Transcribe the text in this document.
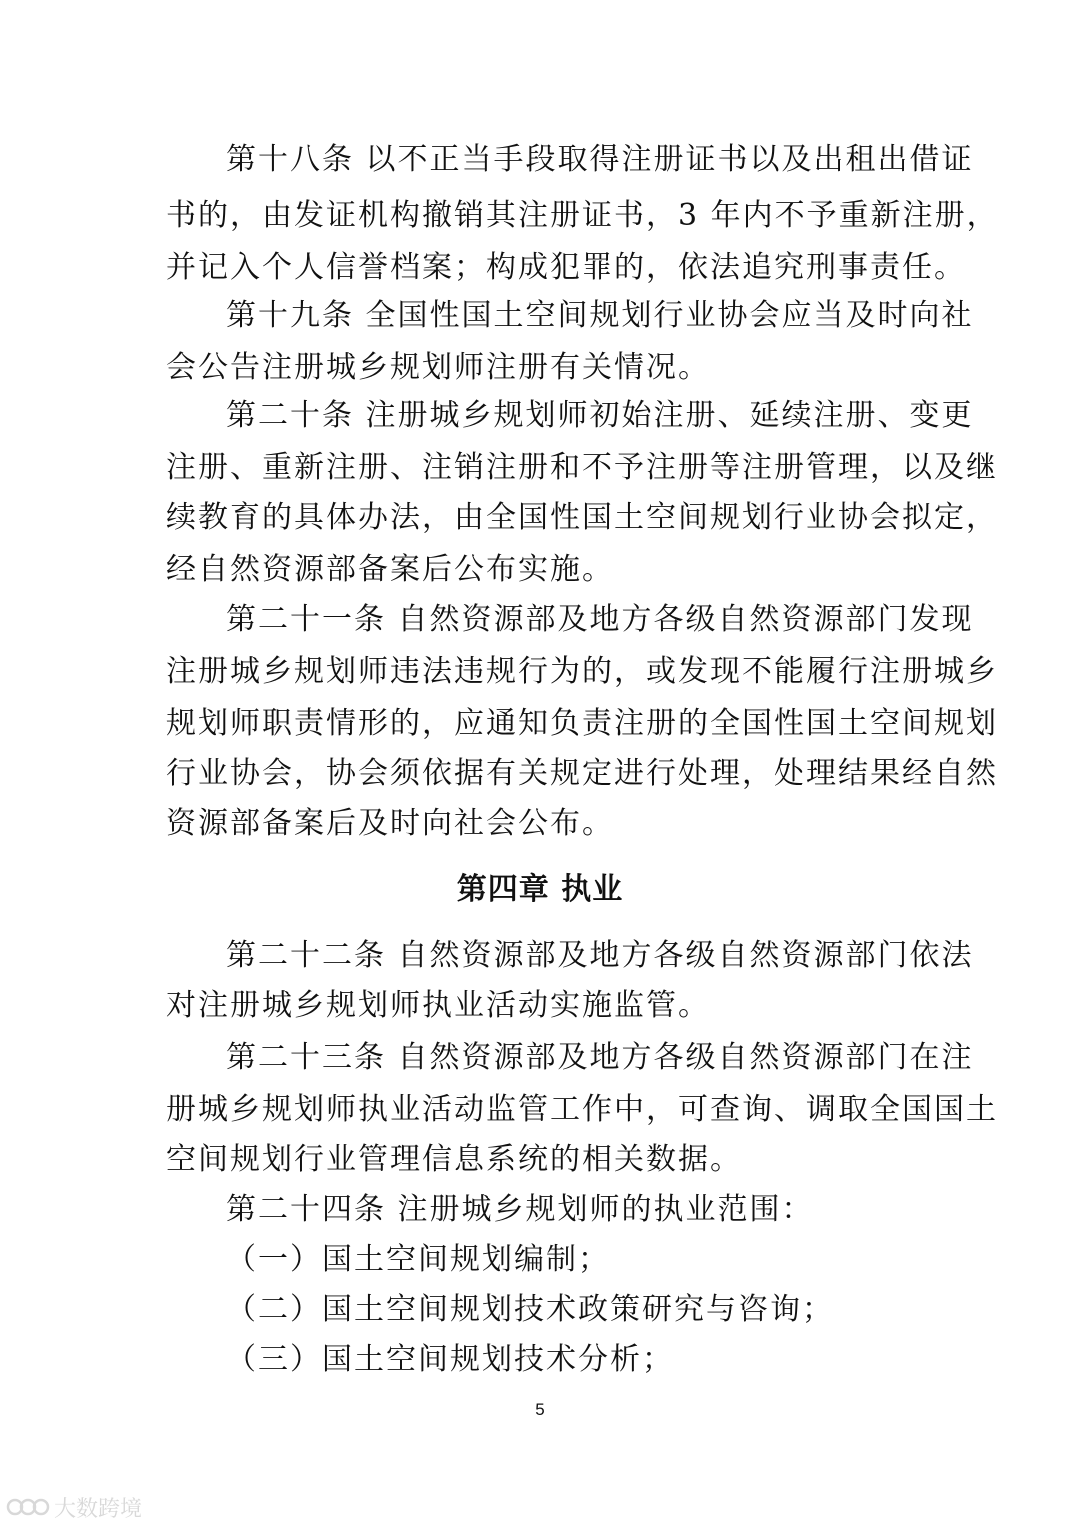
第十八条 以不正当手段取得注册证书以及出租出借证
书的，由发证机构撤销其注册证书，3 年内不予重新注册，
并记入个人信誉档案；构成犯罪的，依法追究刑事责任。
第十九条 全国性国土空间规划行业协会应当及时向社
会公告注册城乡规划师注册有关情况。
第二十条 注册城乡规划师初始注册、延续注册、变更
注册、重新注册、注销注册和不予注册等注册管理，以及继
续教育的具体办法，由全国性国土空间规划行业协会拟定，
经自然资源部备案后公布实施。
第二十一条 自然资源部及地方各级自然资源部门发现
注册城乡规划师违法违规行为的，或发现不能履行注册城乡
规划师职责情形的，应通知负责注册的全国性国土空间规划
行业协会，协会须依据有关规定进行处理，处理结果经自然
资源部备案后及时向社会公布。
第四章 执业
第二十二条 自然资源部及地方各级自然资源部门依法
对注册城乡规划师执业活动实施监管。
第二十三条 自然资源部及地方各级自然资源部门在注
册城乡规划师执业活动监管工作中，可查询、调取全国国土
空间规划行业管理信息系统的相关数据。
第二十四条 注册城乡规划师的执业范围：
（一）国土空间规划编制；
（二）国土空间规划技术政策研究与咨询；
（三）国土空间规划技术分析；
5
大数跨境
